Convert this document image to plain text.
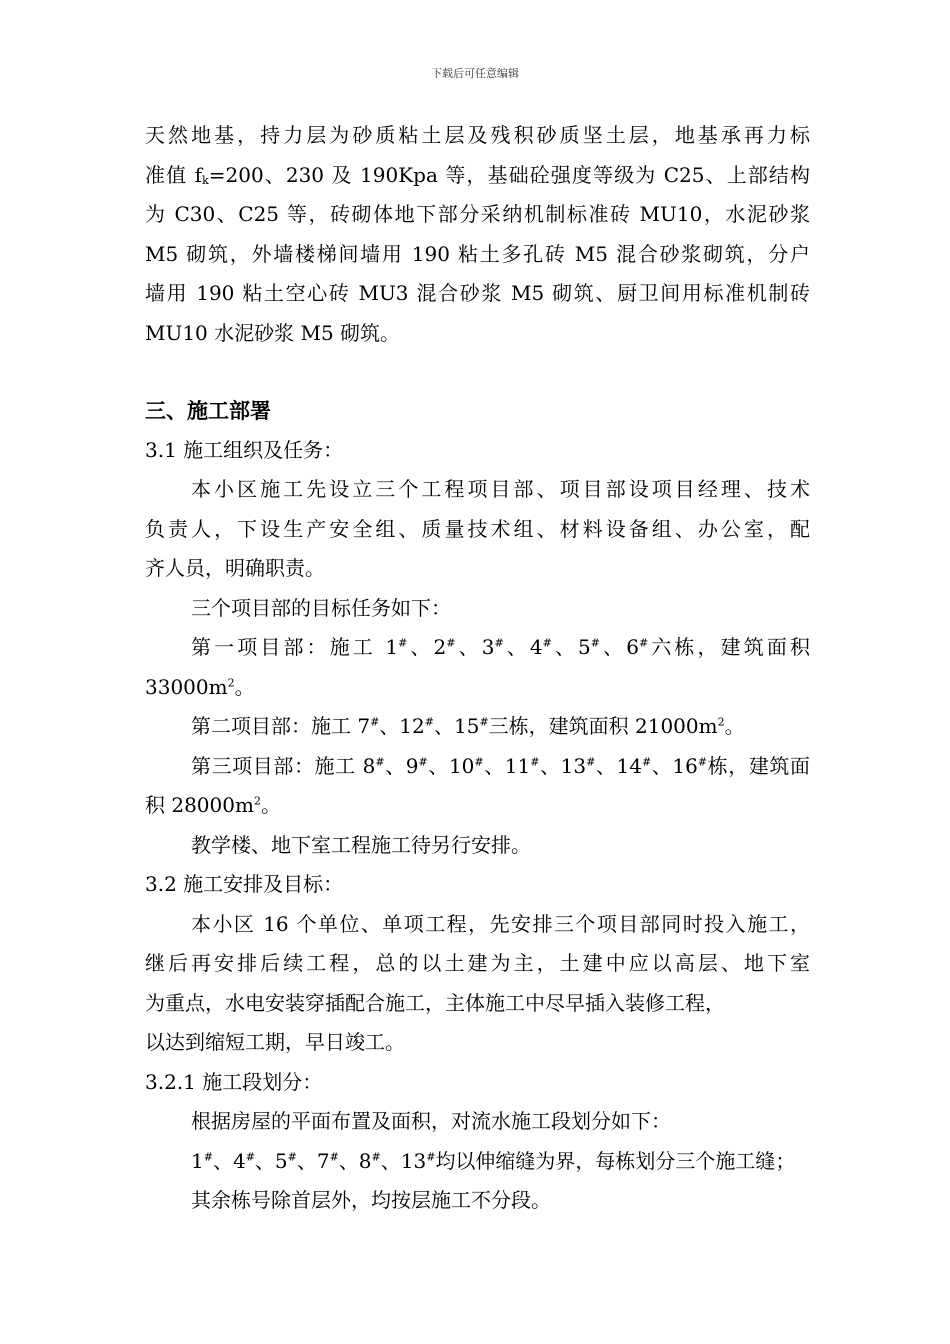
下载后可任意编辑

天然地基，持力层为砂质粘土层及残积砂质坚土层，地基承再力标

准值 $f_k=200$、230 及 190Kpa 等，基础砼强度等级为 C25、上部结构

为 C30、C25 等，砖砌体地下部分采纳机制标准砖 MU10，水泥砂浆

M5 砌筑，外墙楼梯间墙用 190 粘土多孔砖 M5 混合砂浆砌筑，分户

墙用 190 粘土空心砖 MU3 混合砂浆 M5 砌筑、厨卫间用标准机制砖

MU10 水泥砂浆 M5 砌筑。

三、施工部署

3.1 施工组织及任务：

本小区施工先设立三个工程项目部、项目部设项目经理、技术

负责人，下设生产安全组、质量技术组、材料设备组、办公室，配

齐人员，明确职责。

三个项目部的目标任务如下：

第一项目部：施工 1#、2#、3#、4#、5#、6#六栋，建筑面积

$33000m^2$。

第二项目部：施工 7#、12#、15#三栋，建筑面积 $21000m^2$。

第三项目部：施工 8#、9#、10#、11#、13#、14#、16#栋，建筑面

积 $28000m^2$。

教学楼、地下室工程施工待另行安排。

3.2 施工安排及目标：

本小区 16 个单位、单项工程，先安排三个项目部同时投入施工，

继后再安排后续工程，总的以土建为主，土建中应以高层、地下室

为重点，水电安装穿插配合施工，主体施工中尽早插入装修工程，

以达到缩短工期，早日竣工。

3.2.1 施工段划分：

根据房屋的平面布置及面积，对流水施工段划分如下：

1#、4#、5#、7#、8#、13#均以伸缩缝为界，每栋划分三个施工缝；

其余栋号除首层外，均按层施工不分段。
